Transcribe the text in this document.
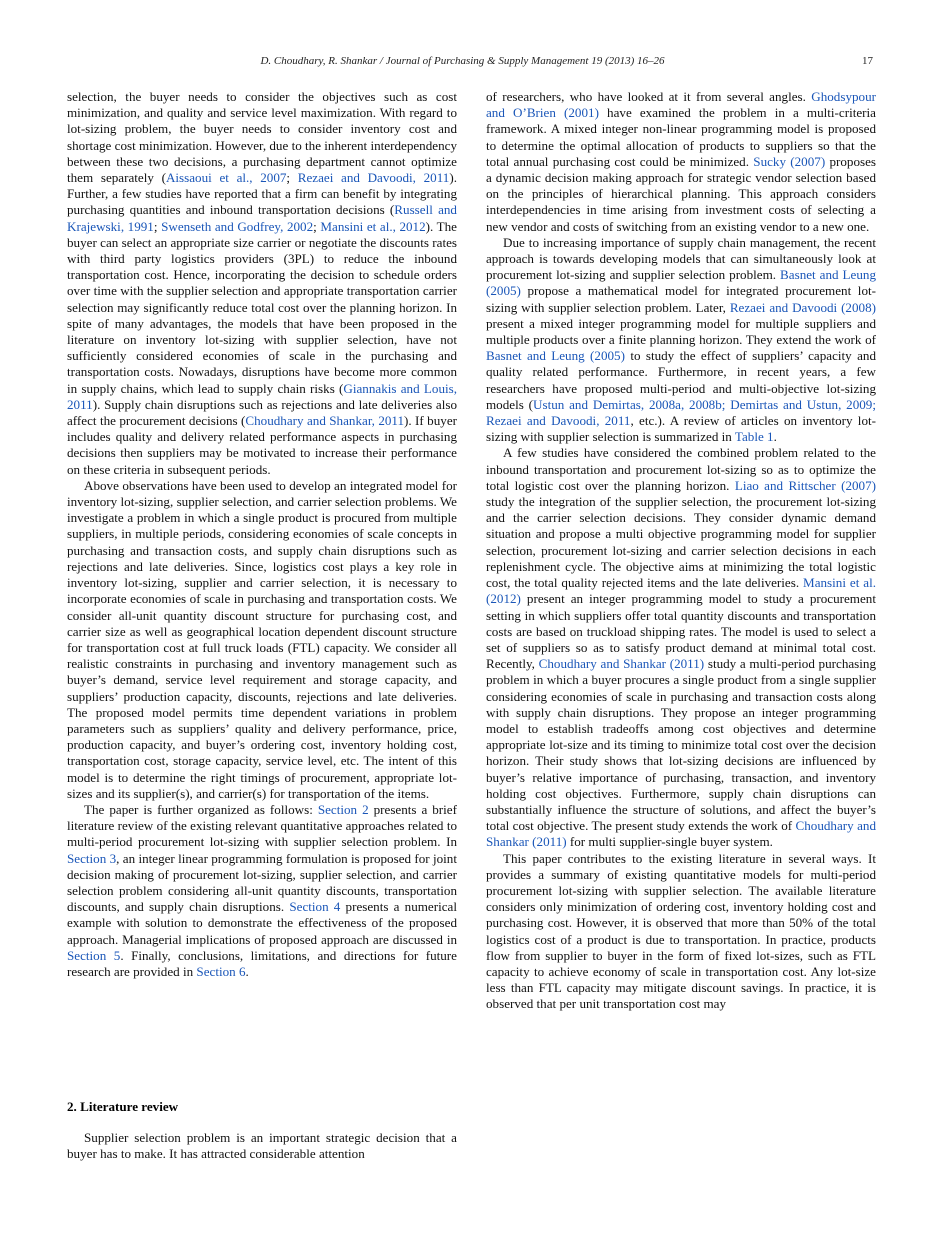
D. Choudhary, R. Shankar / Journal of Purchasing & Supply Management 19 (2013) 16–26	17

selection, the buyer needs to consider the objectives such as cost minimization, and quality and service level maximization. With regard to lot-sizing problem, the buyer needs to consider inventory cost and shortage cost minimization. However, due to the inherent interdependency between these two decisions, a purchasing department cannot optimize them separately (Aissaoui et al., 2007; Rezaei and Davoodi, 2011). Further, a few studies have reported that a firm can benefit by integrating purchasing quantities and inbound transportation decisions (Russell and Krajewski, 1991; Swenseth and Godfrey, 2002; Mansini et al., 2012). The buyer can select an appropriate size carrier or negotiate the discounts rates with third party logistics providers (3PL) to reduce the inbound transportation cost. Hence, incorporating the decision to schedule orders over time with the supplier selection and appropriate transportation carrier selection may significantly reduce total cost over the planning horizon. In spite of many advantages, the models that have been proposed in the literature on inventory lot-sizing with supplier selection, have not sufficiently considered economies of scale in the purchasing and transportation costs. Nowadays, disruptions have become more common in supply chains, which lead to supply chain risks (Giannakis and Louis, 2011). Supply chain disruptions such as rejections and late deliveries also affect the procurement decisions (Choudhary and Shankar, 2011). If buyer includes quality and delivery related performance aspects in purchasing decisions then suppliers may be motivated to increase their performance on these criteria in subsequent periods.

Above observations have been used to develop an integrated model for inventory lot-sizing, supplier selection, and carrier selection problems. We investigate a problem in which a single product is procured from multiple suppliers, in multiple periods, considering economies of scale concepts in purchasing and transaction costs, and supply chain disruptions such as rejections and late deliveries. Since, logistics cost plays a key role in inventory lot-sizing, supplier and carrier selection, it is necessary to incorporate economies of scale in purchasing and transportation costs. We consider all-unit quantity discount structure for purchasing cost, and carrier size as well as geographical location dependent discount structure for transportation cost at full truck loads (FTL) capacity. We consider all realistic constraints in purchasing and inventory management such as buyer’s demand, service level requirement and storage capacity, and suppliers’ production capacity, discounts, rejections and late deliveries. The proposed model permits time dependent variations in problem parameters such as suppliers’ quality and delivery performance, price, production capacity, and buyer’s ordering cost, inventory holding cost, transportation cost, storage capacity, service level, etc. The intent of this model is to determine the right timings of procurement, appropriate lot-sizes and its supplier(s), and carrier(s) for transportation of the items.

The paper is further organized as follows: Section 2 presents a brief literature review of the existing relevant quantitative approaches related to multi-period procurement lot-sizing with supplier selection problem. In Section 3, an integer linear programming formulation is proposed for joint decision making of procurement lot-sizing, supplier selection, and carrier selection problem considering all-unit quantity discounts, transportation discounts, and supply chain disruptions. Section 4 presents a numerical example with solution to demonstrate the effectiveness of the proposed approach. Managerial implications of proposed approach are discussed in Section 5. Finally, conclusions, limitations, and directions for future research are provided in Section 6.

2. Literature review

Supplier selection problem is an important strategic decision that a buyer has to make. It has attracted considerable attention

of researchers, who have looked at it from several angles. Ghodsypour and O’Brien (2001) have examined the problem in a multi-criteria framework. A mixed integer non-linear programming model is proposed to determine the optimal allocation of products to suppliers so that the total annual purchasing cost could be minimized. Sucky (2007) proposes a dynamic decision making approach for strategic vendor selection based on the principles of hierarchical planning. This approach considers interdependencies in time arising from investment costs of selecting a new vendor and costs of switching from an existing vendor to a new one.

Due to increasing importance of supply chain management, the recent approach is towards developing models that can simultaneously look at procurement lot-sizing and supplier selection problem. Basnet and Leung (2005) propose a mathematical model for integrated procurement lot-sizing with supplier selection problem. Later, Rezaei and Davoodi (2008) present a mixed integer programming model for multiple suppliers and multiple products over a finite planning horizon. They extend the work of Basnet and Leung (2005) to study the effect of suppliers’ capacity and quality related performance. Furthermore, in recent years, a few researchers have proposed multi-period and multi-objective lot-sizing models (Ustun and Demirtas, 2008a, 2008b; Demirtas and Ustun, 2009; Rezaei and Davoodi, 2011, etc.). A review of articles on inventory lot-sizing with supplier selection is summarized in Table 1.

A few studies have considered the combined problem related to the inbound transportation and procurement lot-sizing so as to optimize the total logistic cost over the planning horizon. Liao and Rittscher (2007) study the integration of the supplier selection, the procurement lot-sizing and the carrier selection decisions. They consider dynamic demand situation and propose a multi objective programming model for supplier selection, procurement lot-sizing and carrier selection decisions in each replenishment cycle. The objective aims at minimizing the total logistic cost, the total quality rejected items and the late deliveries. Mansini et al. (2012) present an integer programming model to study a procurement setting in which suppliers offer total quantity discounts and transportation costs are based on truckload shipping rates. The model is used to select a set of suppliers so as to satisfy product demand at minimal total cost. Recently, Choudhary and Shankar (2011) study a multi-period purchasing problem in which a buyer procures a single product from a single supplier considering economies of scale in purchasing and transaction costs along with supply chain disruptions. They propose an integer programming model to establish tradeoffs among cost objectives and determine appropriate lot-size and its timing to minimize total cost over the decision horizon. Their study shows that lot-sizing decisions are influenced by buyer’s relative importance of purchasing, transaction, and inventory holding cost objectives. Furthermore, supply chain disruptions can substantially influence the structure of solutions, and affect the buyer’s total cost objective. The present study extends the work of Choudhary and Shankar (2011) for multi supplier-single buyer system.

This paper contributes to the existing literature in several ways. It provides a summary of existing quantitative models for multi-period procurement lot-sizing with supplier selection. The available literature considers only minimization of ordering cost, inventory holding cost and purchasing cost. However, it is observed that more than 50% of the total logistics cost of a product is due to transportation. In practice, products flow from supplier to buyer in the form of fixed lot-sizes, such as FTL capacity to achieve economy of scale in transportation cost. Any lot-size less than FTL capacity may mitigate discount savings. In practice, it is observed that per unit transportation cost may
